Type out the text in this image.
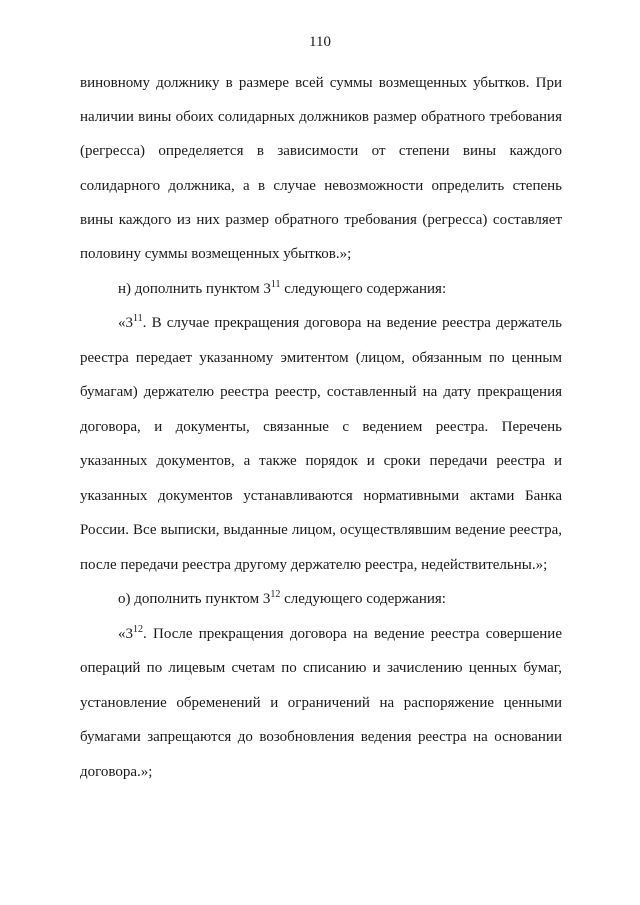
110
виновному должнику в размере всей суммы возмещенных убытков. При
наличии вины обоих солидарных должников размер обратного требования
(регресса) определяется в зависимости от степени вины каждого
солидарного должника, а в случае невозможности определить степень
вины каждого из них размер обратного требования (регресса) составляет
половину суммы возмещенных убытков.»;
н) дополнить пунктом $3^{11}$ следующего содержания:
«$3^{11}$. В случае прекращения договора на ведение реестра держатель
реестра передает указанному эмитентом (лицом, обязанным по ценным
бумагам) держателю реестра реестр, составленный на дату прекращения
договора, и документы, связанные с ведением реестра. Перечень
указанных документов, а также порядок и сроки передачи реестра и
указанных документов устанавливаются нормативными актами Банка
России. Все выписки, выданные лицом, осуществлявшим ведение реестра,
после передачи реестра другому держателю реестра, недействительны.»;
о) дополнить пунктом $3^{12}$ следующего содержания:
«$3^{12}$. После прекращения договора на ведение реестра совершение
операций по лицевым счетам по списанию и зачислению ценных бумаг,
установление обременений и ограничений на распоряжение ценными
бумагами запрещаются до возобновления ведения реестра на основании
договора.»;
